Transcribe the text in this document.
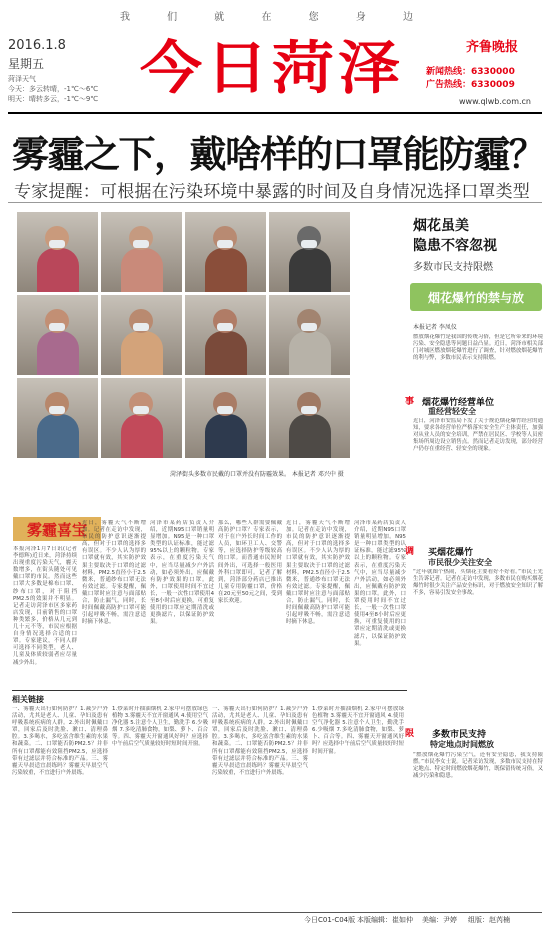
我 们 就 在 您 身 边
2016.1.8
星期五
菏泽天气
今天：多云转晴，-1℃～6℃
明天：晴转多云，-1℃～9℃ 今日菏泽	齐鲁晚报
新闻热线：6330000
广告热线：6330009
www.qlwb.com.cn
雾霾之下，戴啥样的口罩能防霾？
专家提醒：可根据在污染环境中暴露的时间及自身情况选择口罩类型
菏泽街头多数市民戴的口罩并没有防霾效果。 本报记者 邓兴中 摄
烟花虽美
隐患不容忽视
多数市民支持限燃
烟花爆竹的禁与放
本报记者 李凤仪
燃放烟花爆竹是我国的传统习俗，但是它所带来的环境污染、安全隐患等问题日益凸显。近日，菏泽市相关部门对城区燃放烟花爆竹进行了调查，针对燃放烟花爆竹的利与弊，多数市民表示支持限燃。
事 烟花爆竹经营单位
重经营轻安全
近日，菏泽市安监局下发了关于规范烟花爆竹经营的通知，要求各经营单位严格落实安全生产主体责任，加强对从业人员的安全培训，严禁在居民区、学校等人员密集场所周边设立销售点。然而记者走访发现，部分经营户仍存在重经营、轻安全的现象。
调 买烟花爆竹
市民很少关注安全
“过年就图个热闹，买烟花主要看好不好看。”市民王先生告诉记者。记者在走访中发现，多数市民在购买烟花爆竹时很少关注产品安全标识，对于燃放安全知识了解不多，容易引发安全事故。
限 多数市民支持
特定地点时间燃放
“燃放烟花爆竹污染空气，还有安全隐患，我支持限燃。”市民李女士说。记者采访发现，多数市民支持在特定地点、特定时间燃放烟花爆竹，既保留传统习俗，又减少污染和隐患。
雾霾喜宝
本报菏泽1月7日讯(记者 李德辉)近日来，菏泽持续出现重度污染天气，霾天数增多，在街头随处可见戴口罩的市民。然而这些口罩大多数是棉布口罩、纱布口罩，对于阻挡PM2.5的效果并不明显。记者走访菏泽市区多家药店发现，目前销售的口罩种类繁多，价格从几元到几十元不等，市民应根据自身情况选择合适的口罩。专家建议，不同人群可选择不同类型，老人、儿童及体质较弱者应尽量减少外出。
近日，雾霾天气不断增加。记者在走访中发现，市民的防护意识逐渐提高，但对于口罩的选择多有误区。不少人认为厚的口罩就有效，其实防护效果主要取决于口罩的过滤材料。PM2.5直径小于2.5微米，普通纱布口罩无法有效过滤。专家提醒，佩戴口罩时应注意与面部贴合，防止漏气。同时，长时间佩戴高防护口罩可能引起呼吸不畅，需注意适时摘下休息。
菏泽市某药店负责人介绍，近期N95口罩销量明显增加。N95是一种口罩类型的认证标准，能过滤95%以上的颗粒物。专家表示，在重度污染天气中，应当尽量减少户外活动，如必须外出，应佩戴有防护效果的口罩。此外，口罩使用时间不宜过长，一般一次性口罩使用4至8小时后应更换，可重复使用的口罩应定期清洗或更换滤片，以保证防护效果。
那么，哪些人群需要佩戴高防护口罩？专家表示，对于在户外长时间工作的人员，如环卫工人、交警等，应选择防护等级较高的口罩。而普通市民短时间外出，可选择一般医用外科口罩即可。记者了解到，菏泽部分药店已推出儿童专用防霾口罩，价格在20元至50元之间，受到家长欢迎。
近日，雾霾天气不断增加。记者在走访中发现，市民的防护意识逐渐提高，但对于口罩的选择多有误区。不少人认为厚的口罩就有效，其实防护效果主要取决于口罩的过滤材料。PM2.5直径小于2.5微米，普通纱布口罩无法有效过滤。专家提醒，佩戴口罩时应注意与面部贴合，防止漏气。同时，长时间佩戴高防护口罩可能引起呼吸不畅，需注意适时摘下休息。
菏泽市某药店负责人介绍，近期N95口罩销量明显增加。N95是一种口罩类型的认证标准，能过滤95%以上的颗粒物。专家表示，在重度污染天气中，应当尽量减少户外活动，如必须外出，应佩戴有防护效果的口罩。此外，口罩使用时间不宜过长，一般一次性口罩使用4至8小时后应更换，可重复使用的口罩应定期清洗或更换滤片，以保证防护效果。
相关链接
一、雾霾天出行如何防护？1.减少户外活动，尤其是老人、儿童、孕妇及患有呼吸系统疾病的人群。2.外出时佩戴口罩，回家后及时洗脸、漱口、清理鼻腔。3.多喝水，多吃富含维生素的水果和蔬菜。二、口罩能否防PM2.5？并非所有口罩都能有效阻挡PM2.5，应选择带有过滤层并符合标准的产品。三、雾霾天早晨适宜晨练吗？雾霾天早晨空气污染较重，不宜进行户外晨练。
1.炒菜时开抽油烟机 2.家中可摆放绿色植物 3.雾霾天不宜开窗通风 4.使用空气净化器 5.注意个人卫生，勤洗手 6.少吸烟 7.多吃清肺食物，如梨、萝卜、百合等。四、雾霾天开窗通风好吗？应选择中午前后空气质量较好时短时间开窗。
一、雾霾天出行如何防护？1.减少户外活动，尤其是老人、儿童、孕妇及患有呼吸系统疾病的人群。2.外出时佩戴口罩，回家后及时洗脸、漱口、清理鼻腔。3.多喝水，多吃富含维生素的水果和蔬菜。二、口罩能否防PM2.5？并非所有口罩都能有效阻挡PM2.5，应选择带有过滤层并符合标准的产品。三、雾霾天早晨适宜晨练吗？雾霾天早晨空气污染较重，不宜进行户外晨练。
1.炒菜时开抽油烟机 2.家中可摆放绿色植物 3.雾霾天不宜开窗通风 4.使用空气净化器 5.注意个人卫生，勤洗手 6.少吸烟 7.多吃清肺食物，如梨、萝卜、百合等。四、雾霾天开窗通风好吗？应选择中午前后空气质量较好时短时间开窗。
今日C01-C04版 本版编辑：崔如仲 美编：尹婷 组版：赵芮楠
